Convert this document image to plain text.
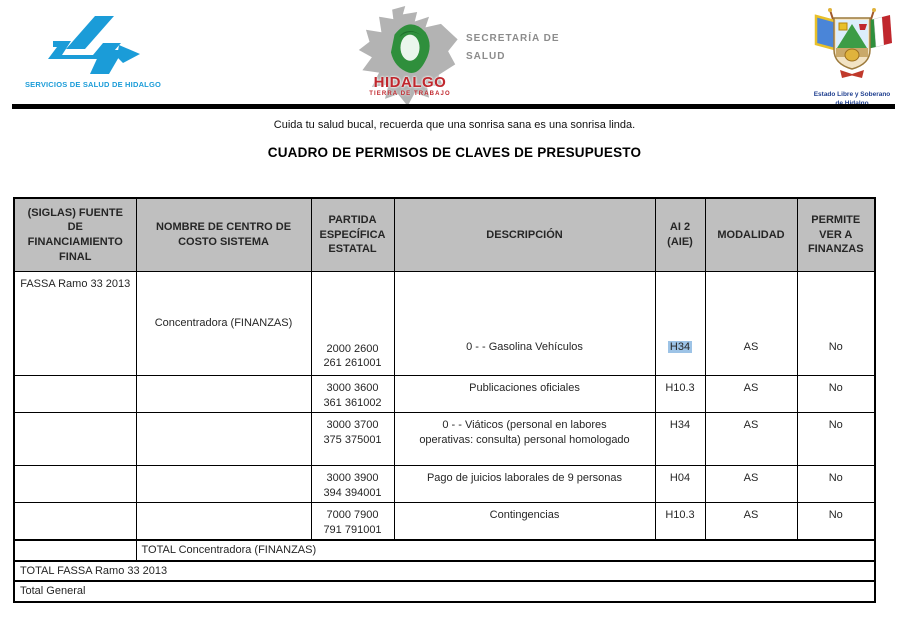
SERVICIOS DE SALUD DE HIDALGO	HIDALGO
TIERRA DE TRABAJO
SECRETARÍA DE
SALUD
Estado Libre y Soberano
Cuida tu salud bucal, recuerda que una sonrisa sana es una sonrisa linda.
CUADRO DE PERMISOS DE CLAVES DE PRESUPUESTO
(SIGLAS) FUENTE DE FINANCIAMIENTO FINAL	NOMBRE DE CENTRO DE COSTO SISTEMA	PARTIDA ESPECÍFICA ESTATAL	DESCRIPCIÓN	AI 2 (AIE)	MODALIDAD	PERMITE VER A FINANZAS
FASSA Ramo 33 2013	Concentradora (FINANZAS)	2000 2600
261 261001	0 - - Gasolina Vehículos	H34	AS	No

		3000 3600
361 361002	Publicaciones oficiales	H10.3	AS	No

		3000 3700
375 375001	0 - - Viáticos (personal en labores operativas: consulta) personal homologado	H34	AS	No

		3000 3900
394 394001	Pago de juicios laborales de 9 personas	H04	AS	No

		7000 7900
791 791001	Contingencias	H10.3	AS	No
	TOTAL Concentradora (FINANZAS)					
TOTAL FASSA Ramo 33 2013						
Total General						
